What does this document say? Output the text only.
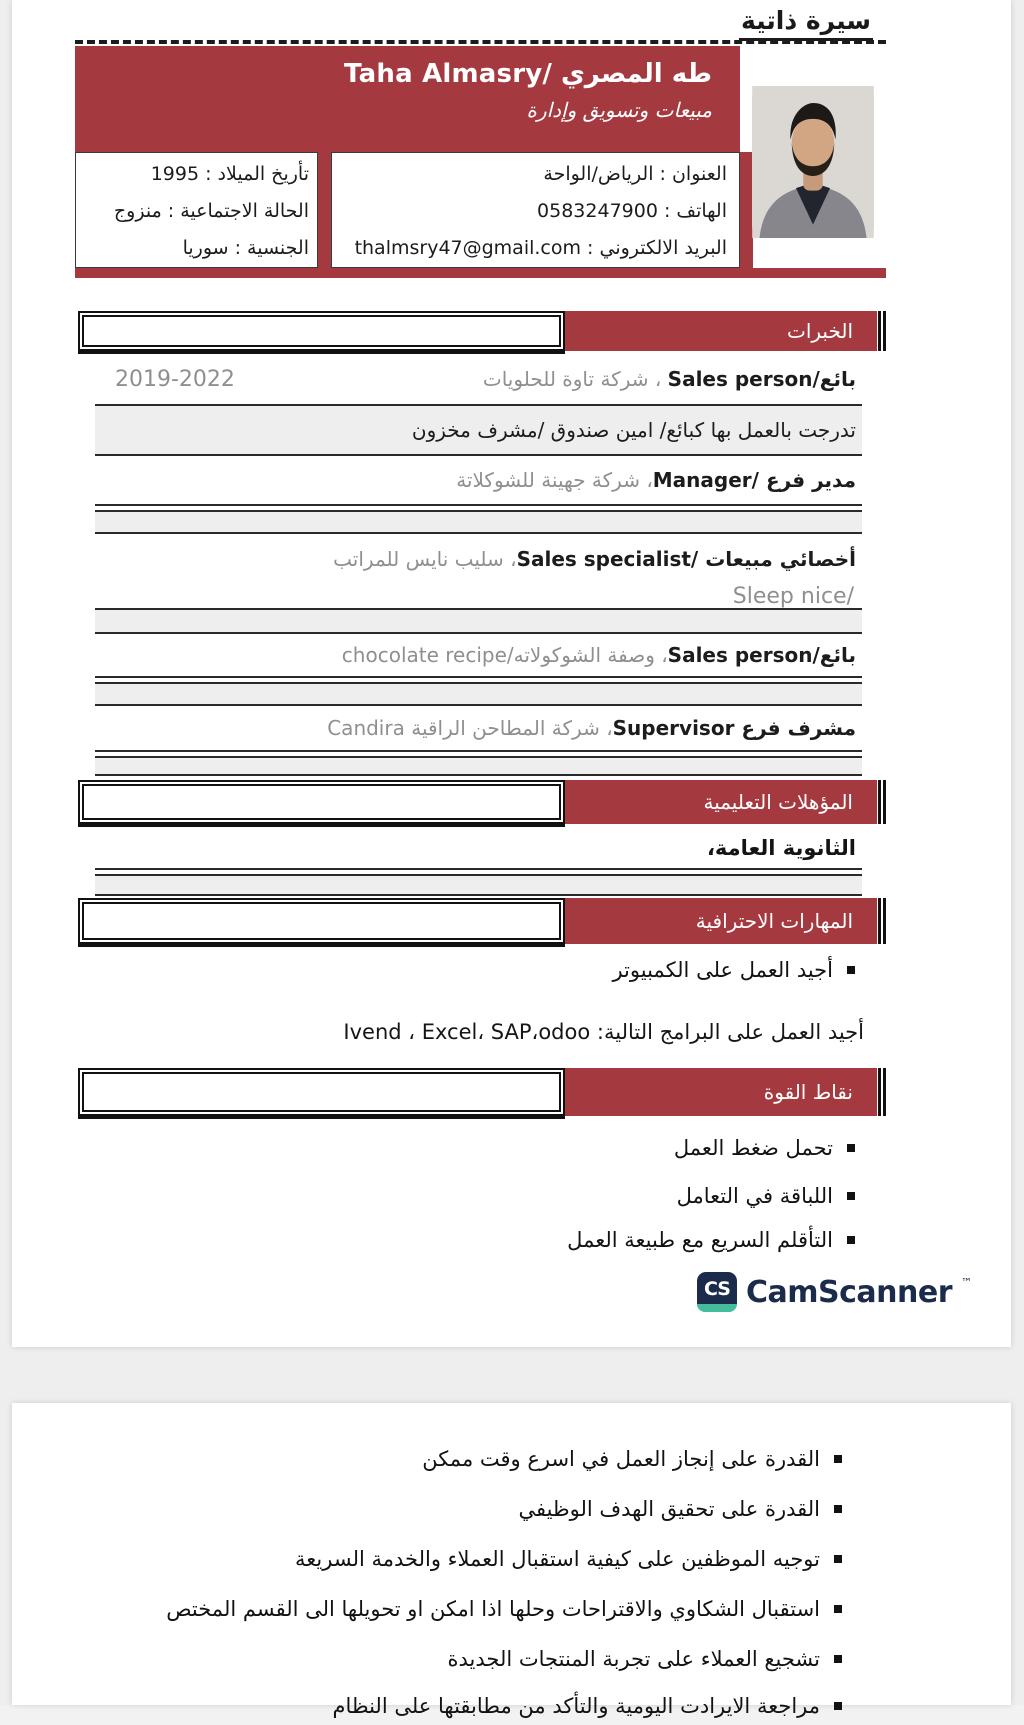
سيرة ذاتية
طه المصري /Taha Almasry
مبيعات وتسويق وإدارة
تأريخ الميلاد : 1995
الحالة الاجتماعية : منزوج
الجنسية : سوريا
العنوان : الرياض/الواحة
الهاتف : 0583247900
البريد الالكتروني : thalmsry47@gmail.com
الخبرات
بائع/Sales person ، شركة تاوة للحلويات
2019-2022
تدرجت بالعمل بها كبائع/ امين صندوق /مشرف مخزون
مدير فرع /Manager، شركة جهينة للشوكلاتة
أخصائي مبيعات /Sales specialist، سليب نايس للمراتب
Sleep nice/
بائع/Sales person، وصفة الشوكولاته/chocolate recipe
مشرف فرع Supervisor، شركة المطاحن الراقية Candira
المؤهلات التعليمية
الثانوية العامة،
المهارات الاحترافية
أجيد العمل على الكمبيوتر
أجيد العمل على البرامج التالية: Ivend ، Excel، SAP،odoo
نقاط القوة
تحمل ضغط العمل
اللباقة في التعامل
التأقلم السريع مع طبيعة العمل
CS CamScanner ™
القدرة على إنجاز العمل في اسرع وقت ممكن
القدرة على تحقيق الهدف الوظيفي
توجيه الموظفين على كيفية استقبال العملاء والخدمة السريعة
استقبال الشكاوي والاقتراحات وحلها اذا امكن او تحويلها الى القسم المختص
تشجيع العملاء على تجربة المنتجات الجديدة
مراجعة الايرادت اليومية والتأكد من مطابقتها على النظام
